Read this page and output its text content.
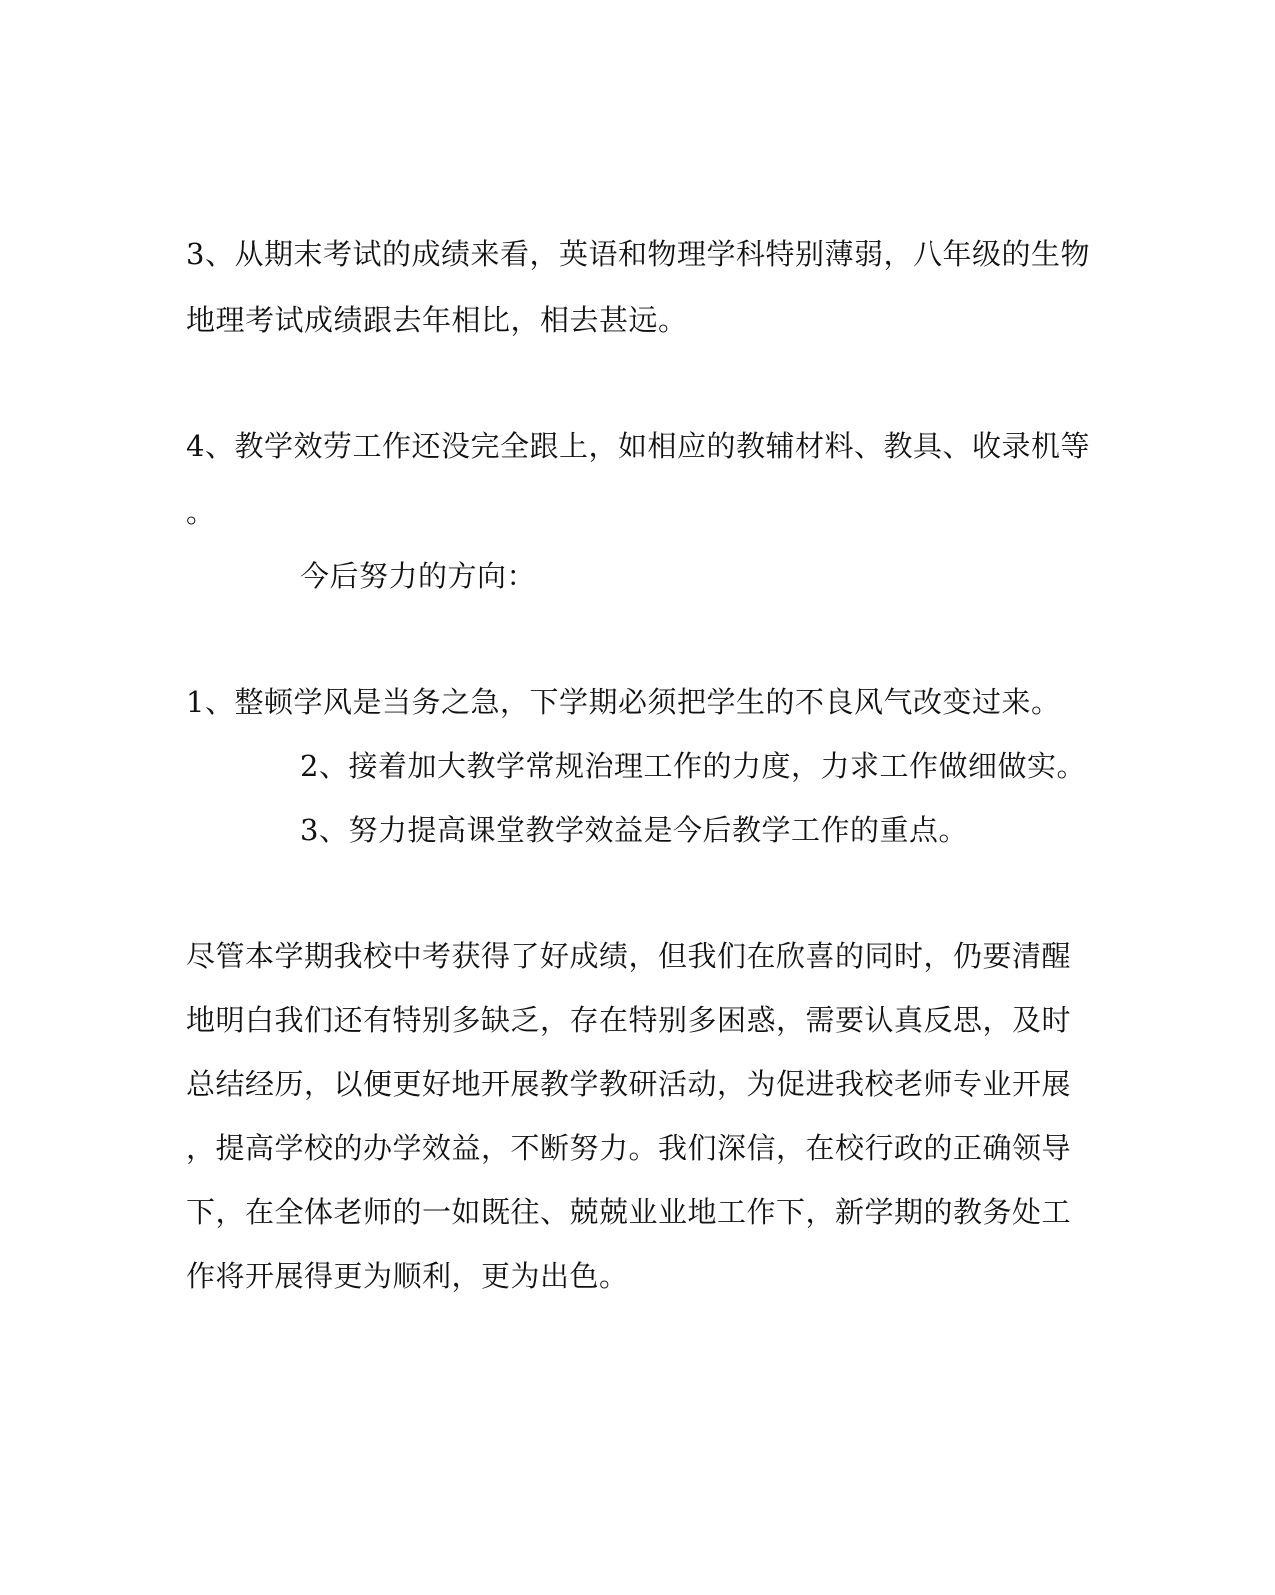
3、从期末考试的成绩来看，英语和物理学科特别薄弱，八年级的生物
地理考试成绩跟去年相比，相去甚远。
4、教学效劳工作还没完全跟上，如相应的教辅材料、教具、收录机等
。
今后努力的方向：
1、整顿学风是当务之急，下学期必须把学生的不良风气改变过来。
2、接着加大教学常规治理工作的力度，力求工作做细做实。
3、努力提高课堂教学效益是今后教学工作的重点。
尽管本学期我校中考获得了好成绩，但我们在欣喜的同时，仍要清醒
地明白我们还有特别多缺乏，存在特别多困惑，需要认真反思，及时
总结经历，以便更好地开展教学教研活动，为促进我校老师专业开展
，提高学校的办学效益，不断努力。我们深信，在校行政的正确领导
下，在全体老师的一如既往、兢兢业业地工作下，新学期的教务处工
作将开展得更为顺利，更为出色。
